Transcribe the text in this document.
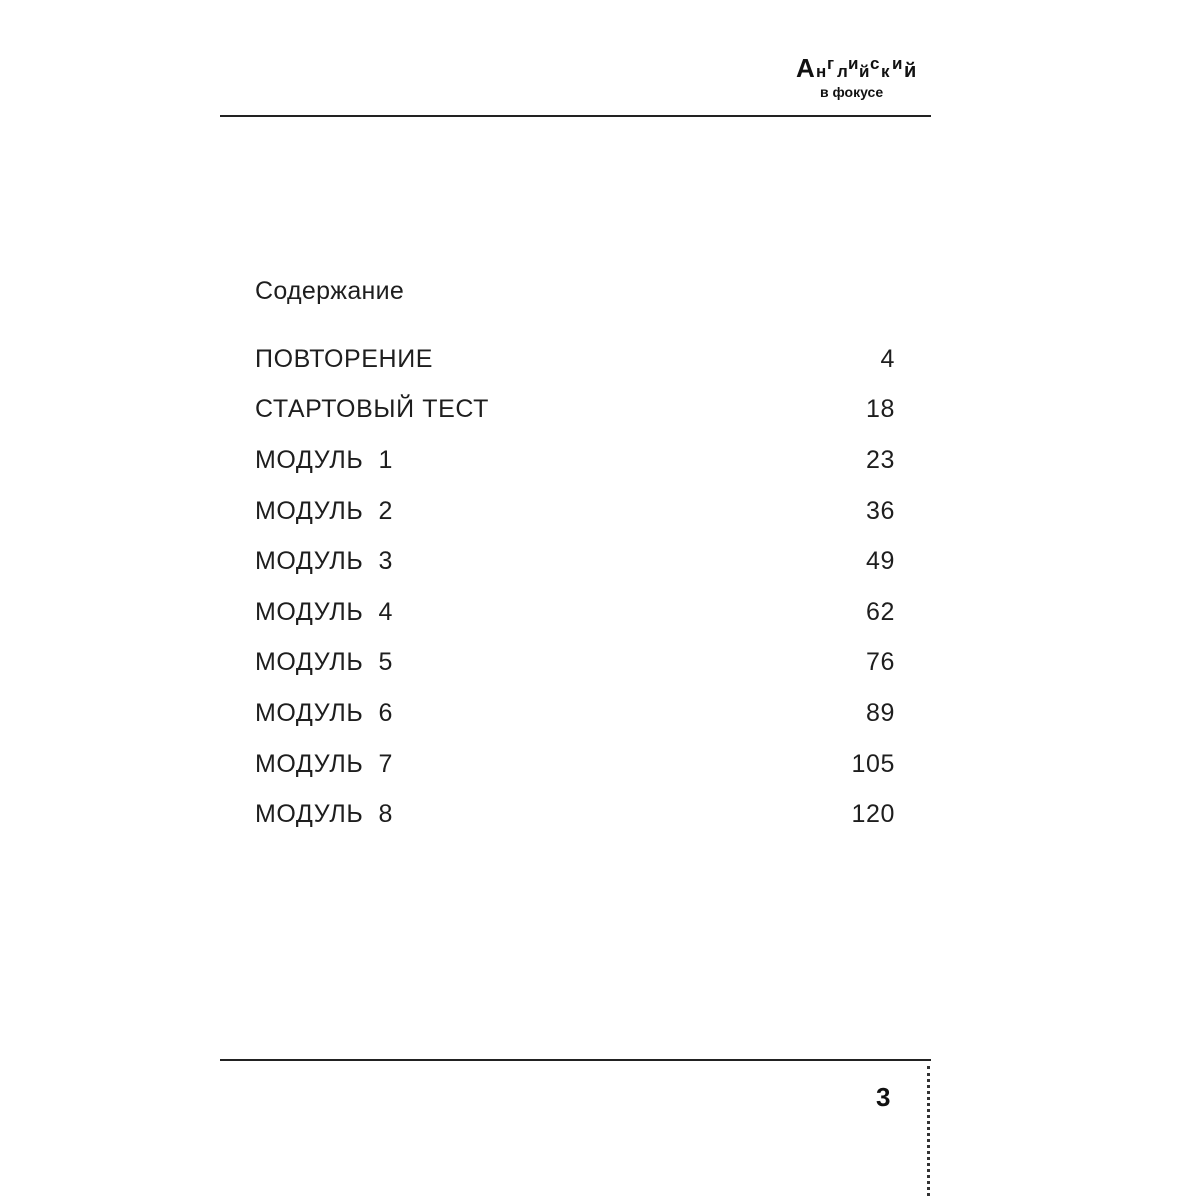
А н г л и й с к и й
в фокусе
Содержание
ПОВТОРЕНИЕ	4
СТАРТОВЫЙ ТЕСТ	18
МОДУЛЬ  1	23
МОДУЛЬ  2	36
МОДУЛЬ  3	49
МОДУЛЬ  4	62
МОДУЛЬ  5	76
МОДУЛЬ  6	89
МОДУЛЬ  7	105
МОДУЛЬ  8	120
3
